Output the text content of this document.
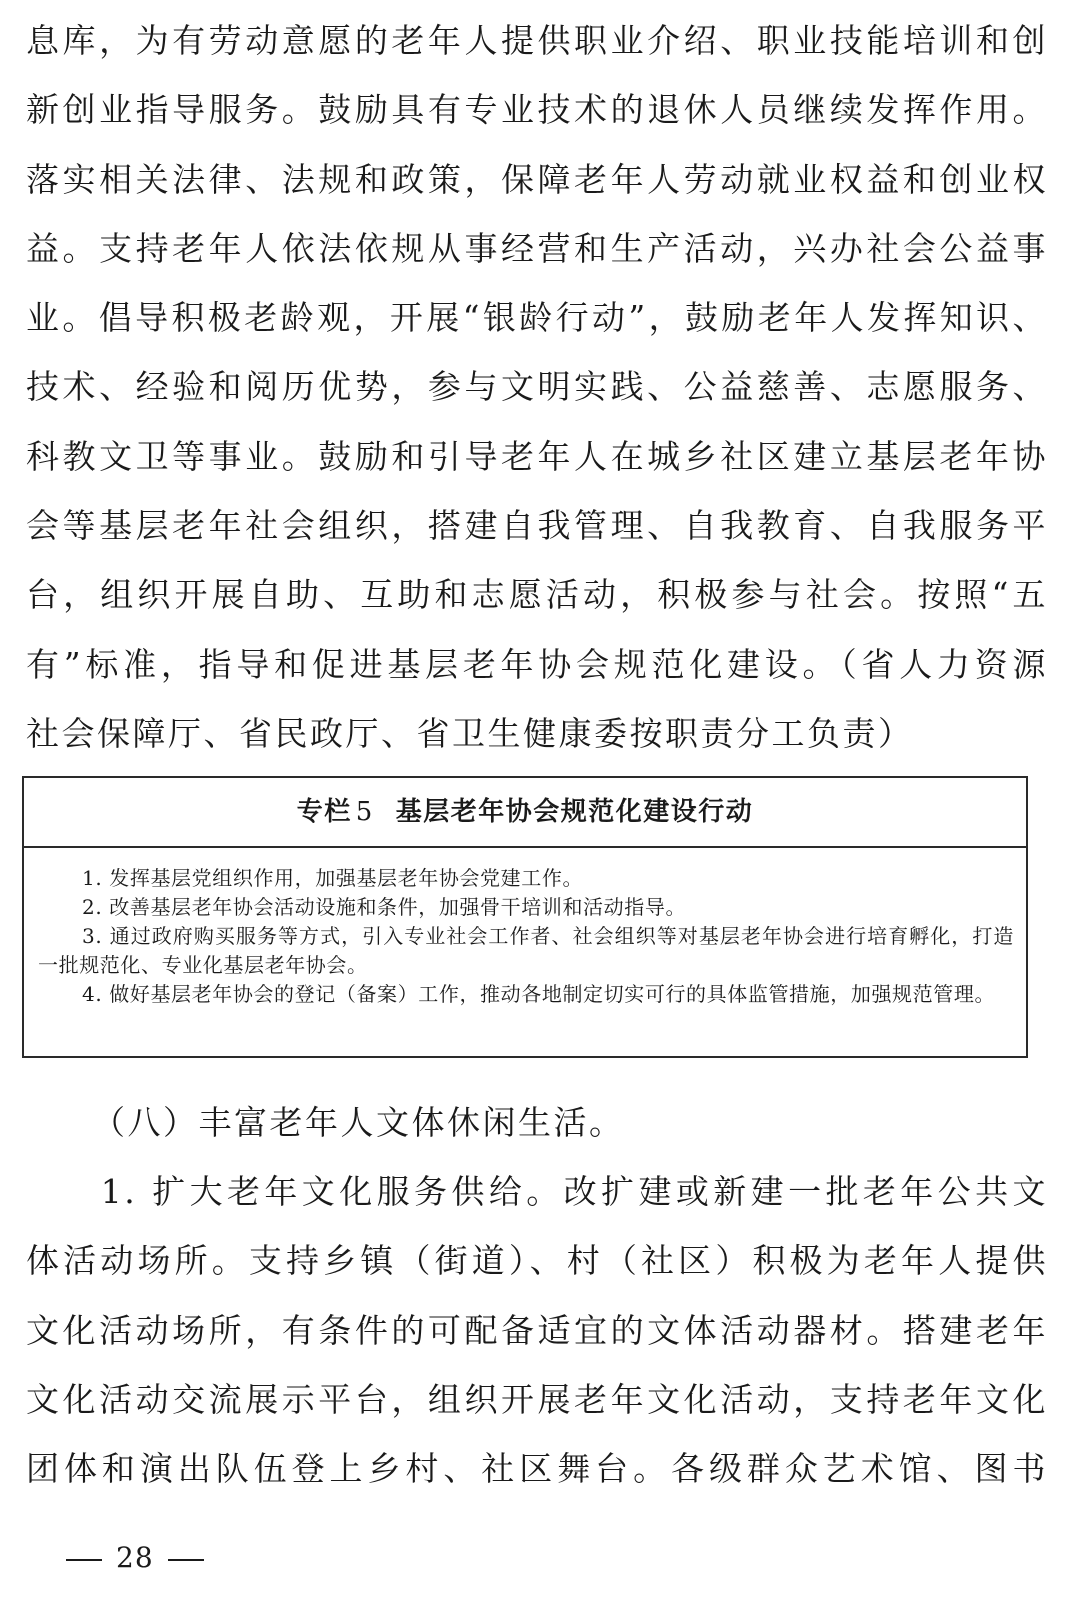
息库，为有劳动意愿的老年人提供职业介绍、职业技能培训和创
新创业指导服务。鼓励具有专业技术的退休人员继续发挥作用。
落实相关法律、法规和政策，保障老年人劳动就业权益和创业权
益。支持老年人依法依规从事经营和生产活动，兴办社会公益事
业。倡导积极老龄观，开展“银龄行动”，鼓励老年人发挥知识、
技术、经验和阅历优势，参与文明实践、公益慈善、志愿服务、
科教文卫等事业。鼓励和引导老年人在城乡社区建立基层老年协
会等基层老年社会组织，搭建自我管理、自我教育、自我服务平
台，组织开展自助、互助和志愿活动，积极参与社会。按照“五
有”标准，指导和促进基层老年协会规范化建设。（省人力资源
社会保障厅、省民政厅、省卫生健康委按职责分工负责）
专栏 5 基层老年协会规范化建设行动
1. 发挥基层党组织作用，加强基层老年协会党建工作。
2. 改善基层老年协会活动设施和条件，加强骨干培训和活动指导。
3. 通过政府购买服务等方式，引入专业社会工作者、社会组织等对基层老年协会进行培育孵化，打造一批规范化、专业化基层老年协会。
4. 做好基层老年协会的登记（备案）工作，推动各地制定切实可行的具体监管措施，加强规范管理。

（八）丰富老年人文体休闲生活。

　　1. 扩大老年文化服务供给。改扩建或新建一批老年公共文
体活动场所。支持乡镇（街道）、村（社区）积极为老年人提供
文化活动场所，有条件的可配备适宜的文体活动器材。搭建老年
文化活动交流展示平台，组织开展老年文化活动，支持老年文化
团体和演出队伍登上乡村、社区舞台。各级群众艺术馆、图书
28
